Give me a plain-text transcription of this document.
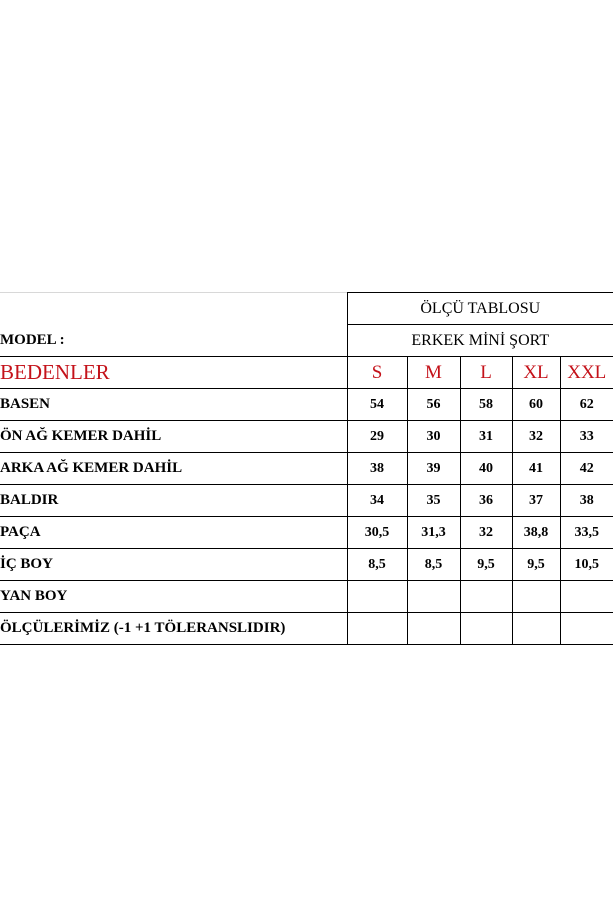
	ÖLÇÜ TABLOSU				
MODEL :	ERKEK MİNİ ŞORT				
BEDENLER	S	M	L	XL	XXL
BASEN	54	56	58	60	62
ÖN AĞ KEMER DAHİL	29	30	31	32	33
ARKA AĞ KEMER DAHİL	38	39	40	41	42
BALDIR	34	35	36	37	38
PAÇA	30,5	31,3	32	38,8	33,5
İÇ BOY	8,5	8,5	9,5	9,5	10,5
YAN BOY					
ÖLÇÜLERİMİZ (-1 +1 TÖLERANSLIDIR)					
